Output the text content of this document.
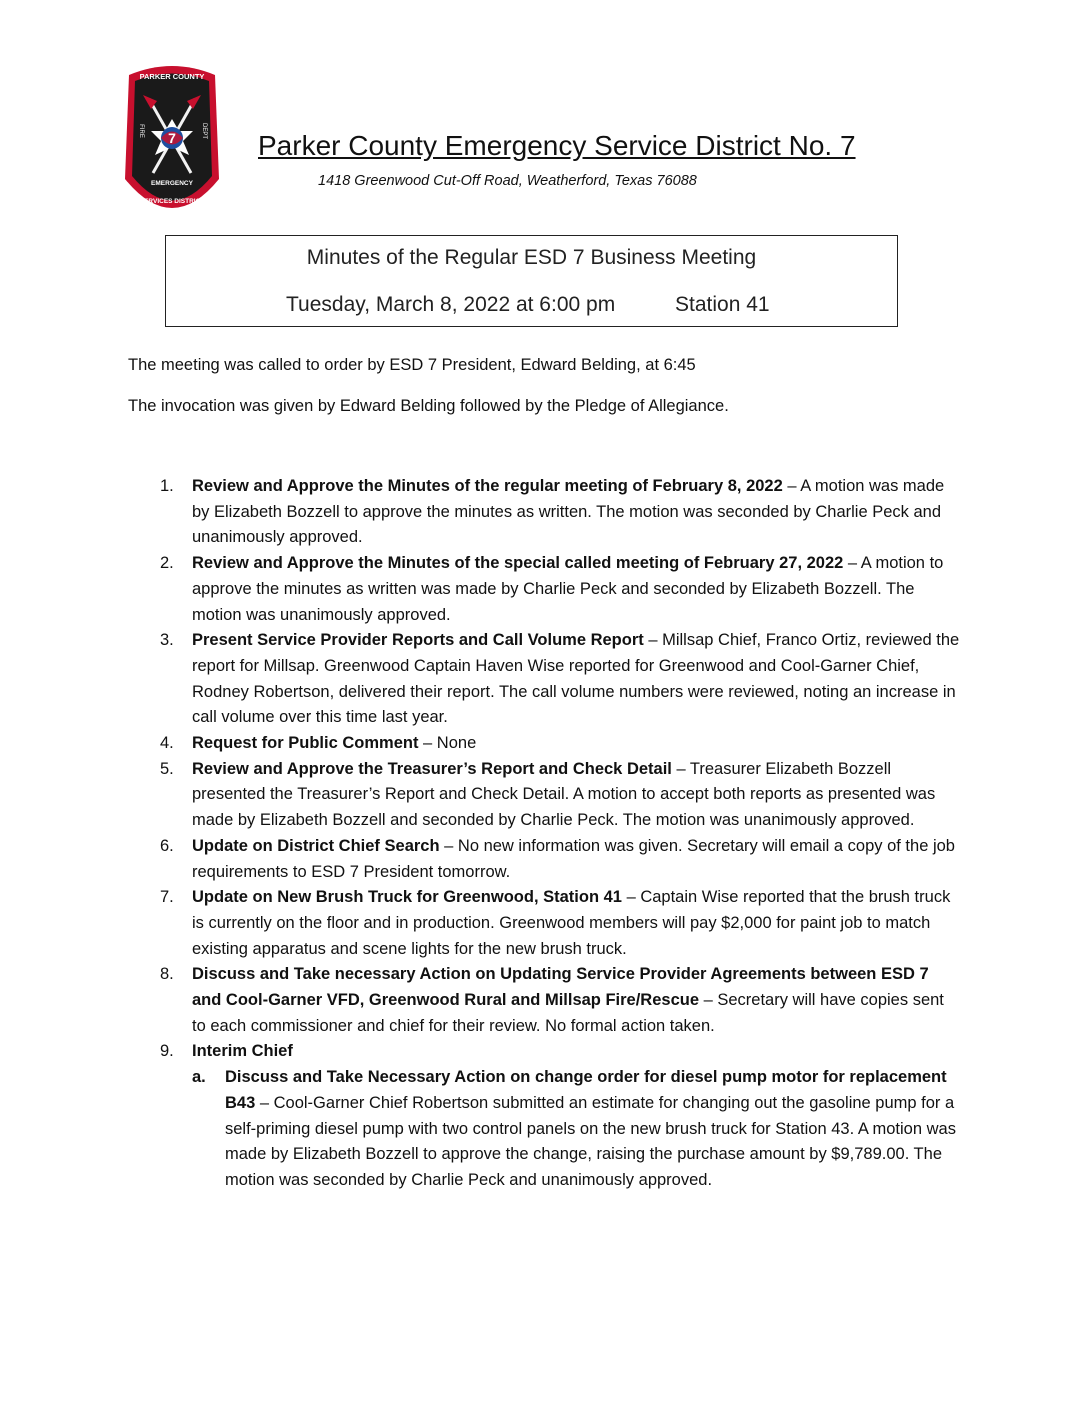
7
PARKER COUNTY
FIRE	DEPT
EMERGENCY
SERVICES DISTRICT
Parker County Emergency Service District No. 7
1418 Greenwood Cut-Off Road, Weatherford, Texas 76088
Minutes of the Regular ESD 7 Business Meeting
Tuesday, March 8, 2022 at 6:00 pm	Station 41
The meeting was called to order by ESD 7 President, Edward Belding, at 6:45
The invocation was given by Edward Belding followed by the Pledge of Allegiance.
1. Review and Approve the Minutes of the regular meeting of February 8, 2022 – A motion was made by Elizabeth Bozzell to approve the minutes as written. The motion was seconded by Charlie Peck and unanimously approved.
2. Review and Approve the Minutes of the special called meeting of February 27, 2022 – A motion to approve the minutes as written was made by Charlie Peck and seconded by Elizabeth Bozzell. The motion was unanimously approved.
3. Present Service Provider Reports and Call Volume Report – Millsap Chief, Franco Ortiz, reviewed the report for Millsap. Greenwood Captain Haven Wise reported for Greenwood and Cool-Garner Chief, Rodney Robertson, delivered their report. The call volume numbers were reviewed, noting an increase in call volume over this time last year.
4. Request for Public Comment – None
5. Review and Approve the Treasurer’s Report and Check Detail – Treasurer Elizabeth Bozzell presented the Treasurer’s Report and Check Detail. A motion to accept both reports as presented was made by Elizabeth Bozzell and seconded by Charlie Peck. The motion was unanimously approved.
6. Update on District Chief Search – No new information was given. Secretary will email a copy of the job requirements to ESD 7 President tomorrow.
7. Update on New Brush Truck for Greenwood, Station 41 – Captain Wise reported that the brush truck is currently on the floor and in production. Greenwood members will pay $2,000 for paint job to match existing apparatus and scene lights for the new brush truck.
8. Discuss and Take necessary Action on Updating Service Provider Agreements between ESD 7 and Cool-Garner VFD, Greenwood Rural and Millsap Fire/Rescue – Secretary will have copies sent to each commissioner and chief for their review. No formal action taken.
9. Interim Chief
a. Discuss and Take Necessary Action on change order for diesel pump motor for replacement B43 – Cool-Garner Chief Robertson submitted an estimate for changing out the gasoline pump for a self-priming diesel pump with two control panels on the new brush truck for Station 43. A motion was made by Elizabeth Bozzell to approve the change, raising the purchase amount by $9,789.00. The motion was seconded by Charlie Peck and unanimously approved.
